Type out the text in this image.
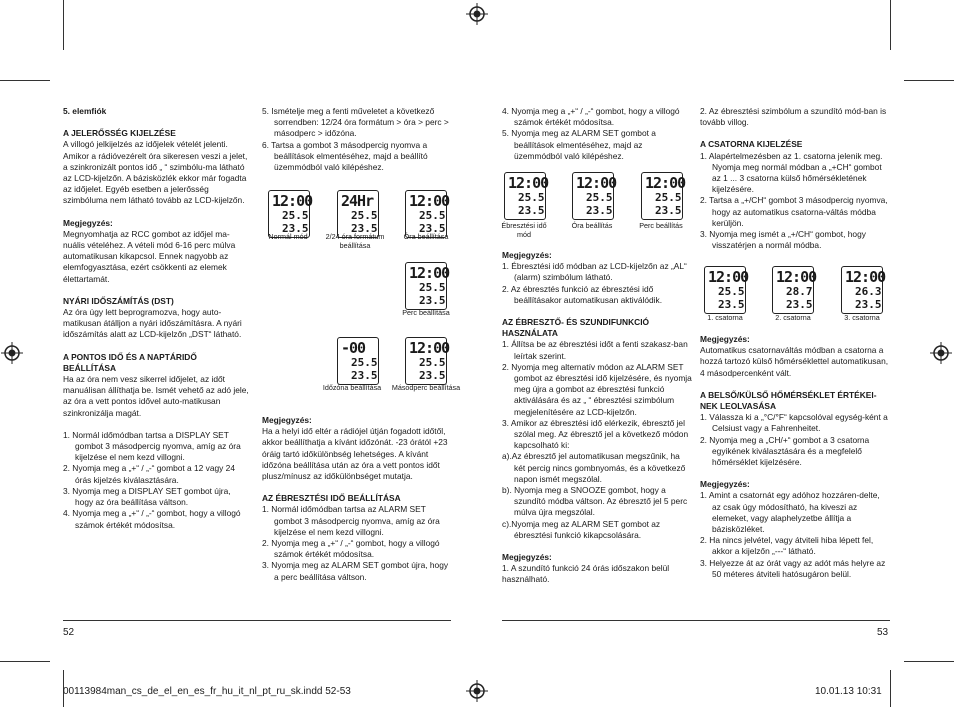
5. elemfiók
A JELERŐSSÉG KIJELZÉSE

A villogó jelkijelzés az időjelek vételét jelenti. Amikor a rádióvezérelt óra sikeresen veszi a jelet, a szinkronizált pontos idő „ “ szimbólu-ma látható az LCD-kijelzőn. A bázisközlék ekkor már fogadta az időjelet. Egyéb esetben a jelerősség szimbóluma nem látható tovább az LCD-kijelzőn.

Megjegyzés:

Megnyomhatja az RCC gombot az időjel ma-nuális vételéhez. A vételi mód 6-16 perc múlva automatikusan kikapcsol. Ennek nagyobb az elemfogyasztása, ezért csökkenti az elemek élettartamát.

NYÁRI IDŐSZÁMÍTÁS (DST)

Az óra úgy lett beprogramozva, hogy auto-matikusan átálljon a nyári időszámításra. A nyári időszámítás alatt az LCD-kijelzőn „DST“ látható.

A PONTOS IDŐ ÉS A NAPTÁRIDŐ BEÁLLÍTÁSA

Ha az óra nem vesz sikerrel időjelet, az időt manuálisan állíthatja be. Ismét vehető az adó jele, az óra a vett pontos idővel auto-matikusan szinkronizálja magát.

1. Normál időmódban tartsa a DISPLAY SET gombot 3 másodpercig nyomva, amíg az óra kijelzése el nem kezd villogni.
2. Nyomja meg a „+“ / „-“ gombot a 12 vagy 24 órás kijelzés kiválasztására.
3. Nyomja meg a DISPLAY SET gombot újra, hogy az óra beállítása váltson.
4. Nyomja meg a „+“ / „-“ gombot, hogy a villogó számok értékét módosítsa.
5. Ismételje meg a fenti műveletet a következő sorrendben: 12/24 óra formátum > óra > perc > másodperc > időzóna.
6. Tartsa a gombot 3 másodpercig nyomva a beállítások elmentéséhez, majd a beállító üzemmódból való kilépéshez.
12:00
25.5
23.5
24Hr
25.5
23.5
12:00
25.5
23.5
Normál mód	2/24 óra formátum beállítása
Óra beállítása
12:00
25.5
23.5
Perc beállítása
-00
25.5
23.5
12:00
25.5
23.5
Időzóna beállítása Másodperc beállítása
Megjegyzés:

Ha a helyi idő eltér a rádiójel útján fogadott időtől, akkor beállíthatja a kívánt időzónát. -23 órától +23 óráig tartó időkülönbség lehetséges. A kívánt időzóna beállítása után az óra a vett pontos időt plusz/mínusz az időkülönbséget mutatja.

AZ ÉBRESZTÉSI IDŐ BEÁLLÍTÁSA
1. Normál időmódban tartsa az ALARM SET gombot 3 másodpercig nyomva, amíg az óra kijelzése el nem kezd villogni.
2. Nyomja meg a „+“ / „-“ gombot, hogy a villogó számok értékét módosítsa.
3. Nyomja meg az ALARM SET gombot újra, hogy a perc beállítása váltson.
4. Nyomja meg a „+“ / „-“ gombot, hogy a villogó számok értékét módosítsa.
5. Nyomja meg az ALARM SET gombot a beállítások elmentéséhez, majd az üzemmódból való kilépéshez.
12:00
25.5
23.5
12:00
25.5
23.5
12:00
25.5
23.5
Ébresztési idő mód
Óra beállítás	Perc beállítás
Megjegyzés:
1. Ébresztési idő módban az LCD-kijelzőn az „AL“ (alarm) szimbólum látható.
2. Az ébresztés funkció az ébresztési idő beállításakor automatikusan aktiválódik.
AZ ÉBRESZTŐ- ÉS SZUNDIFUNKCIÓ HASZNÁLATA
1. Állítsa be az ébresztési időt a fenti szakasz-ban leírtak szerint.
2. Nyomja meg alternatív módon az ALARM SET gombot az ébresztési idő kijelzésére, és nyomja meg újra a gombot az ébresztési funkció aktiválására és az „ “ ébresztési szimbólum megjelenítésére az LCD-kijelzőn.
3. Amikor az ébresztési idő elérkezik, ébresztő jel szólal meg. Az ébresztő jel a következő módon kapcsolható ki:
a).Az ébresztő jel automatikusan megszűnik, ha két percig nincs gombnyomás, és a következő napon ismét megszólal.
b). Nyomja meg a SNOOZE gombot, hogy a szundító módba váltson. Az ébresztő jel 5 perc múlva újra megszólal.
c).Nyomja meg az ALARM SET gombot az ébresztési funkció kikapcsolására.
Megjegyzés:

1. A szundító funkció 24 órás időszakon belül használható.

2. Az ébresztési szimbólum a szundító mód-ban is tovább villog.

A CSATORNA KIJELZÉSE
1. Alapértelmezésben az 1. csatorna jelenik meg. Nyomja meg normál módban a „+CH“ gombot az 1 ... 3 csatorna külső hőmérsékletének kijelzésére.
2. Tartsa a „+/CH“ gombot 3 másodpercig nyomva, hogy az automatikus csatorna-váltás módba kerüljön.
3. Nyomja meg ismét a „+/CH“ gombot, hogy visszatérjen a normál módba.
12:00
25.5
23.5
12:00
28.7
23.5
12:00
26.3
23.5
1. csatorna	2. csatorna	3. csatorna
Megjegyzés:

Automatikus csatornaváltás módban a csatorna a hozzá tartozó külső hőmérséklettel automatikusan, 4 másodpercenként vált.

A BELSŐ/KÜLSŐ HŐMÉRSÉKLET ÉRTÉKEI-NEK LEOLVASÁSA
1. Válassza ki a „°C/°F“ kapcsolóval egység-ként a Celsiust vagy a Fahrenheitet.
2. Nyomja meg a „CH/+“ gombot a 3 csatorna egyikének kiválasztására és a megfelelő hőmérséklet kijelzésére.
Megjegyzés:
1. Amint a csatornát egy adóhoz hozzáren-delte, az csak úgy módosítható, ha kiveszi az elemeket, vagy alaphelyzetbe állítja a bázisközléket.
2. Ha nincs jelvétel, vagy átviteli hiba lépett fel, akkor a kijelzőn „---“ látható.
3. Helyezze át az órát vagy az adót más helyre az 50 méteres átviteli hatósugáron belül.
52	53
00113984man_cs_de_el_en_es_fr_hu_it_nl_pt_ru_sk.indd 52-53	10.01.13 10:31
